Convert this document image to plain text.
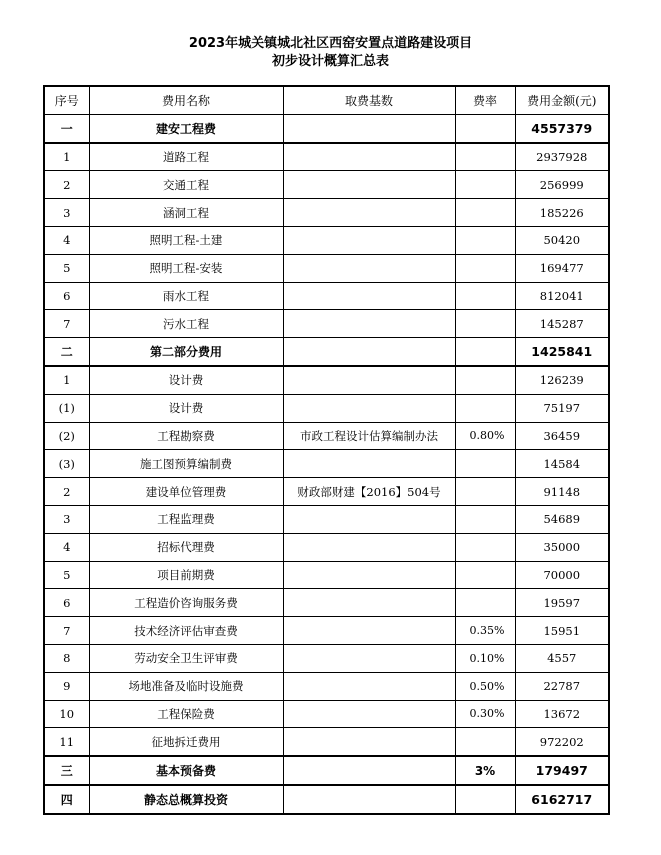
2023年城关镇城北社区西窑安置点道路建设项目
初步设计概算汇总表
序号	费用名称	取费基数	费率	费用金额(元)
一	建安工程费			4557379
1	道路工程			2937928
2	交通工程			256999
3	涵洞工程			185226
4	照明工程-土建			50420
5	照明工程-安装			169477
6	雨水工程			812041
7	污水工程			145287
二	第二部分费用			1425841
1	设计费			126239
(1)	设计费			75197
(2)	工程勘察费	市政工程设计估算编制办法	0.80%	36459
(3)	施工图预算编制费			14584
2	建设单位管理费	财政部财建【2016】504号		91148
3	工程监理费			54689
4	招标代理费			35000
5	项目前期费			70000
6	工程造价咨询服务费			19597
7	技术经济评估审查费		0.35%	15951
8	劳动安全卫生评审费		0.10%	4557
9	场地准备及临时设施费		0.50%	22787
10	工程保险费		0.30%	13672
11	征地拆迁费用			972202
三	基本预备费		3%	179497
四	静态总概算投资			6162717
